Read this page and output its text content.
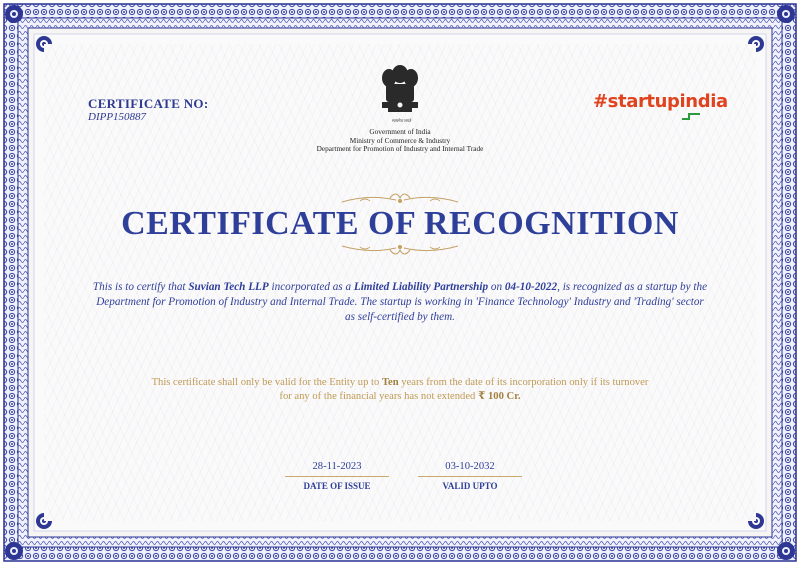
CERTIFICATE NO:
DIPP150887	सत्यमेव जयते
Government of India
Ministry of Commerce & Industry
Department for Promotion of Industry and Internal Trade
#startupindia
CERTIFICATE OF RECOGNITION
This is to certify that Suvian Tech LLP incorporated as a Limited Liability Partnership on 04-10-2022, is recognized as a startup by the Department for Promotion of Industry and Internal Trade. The startup is working in 'Finance Technology' Industry and 'Trading' sector as self-certified by them.
This certificate shall only be valid for the Entity up to Ten years from the date of its incorporation only if its turnover for any of the financial years has not extended ₹ 100 Cr.
28-11-2023
DATE OF ISSUE
03-10-2032
VALID UPTO
